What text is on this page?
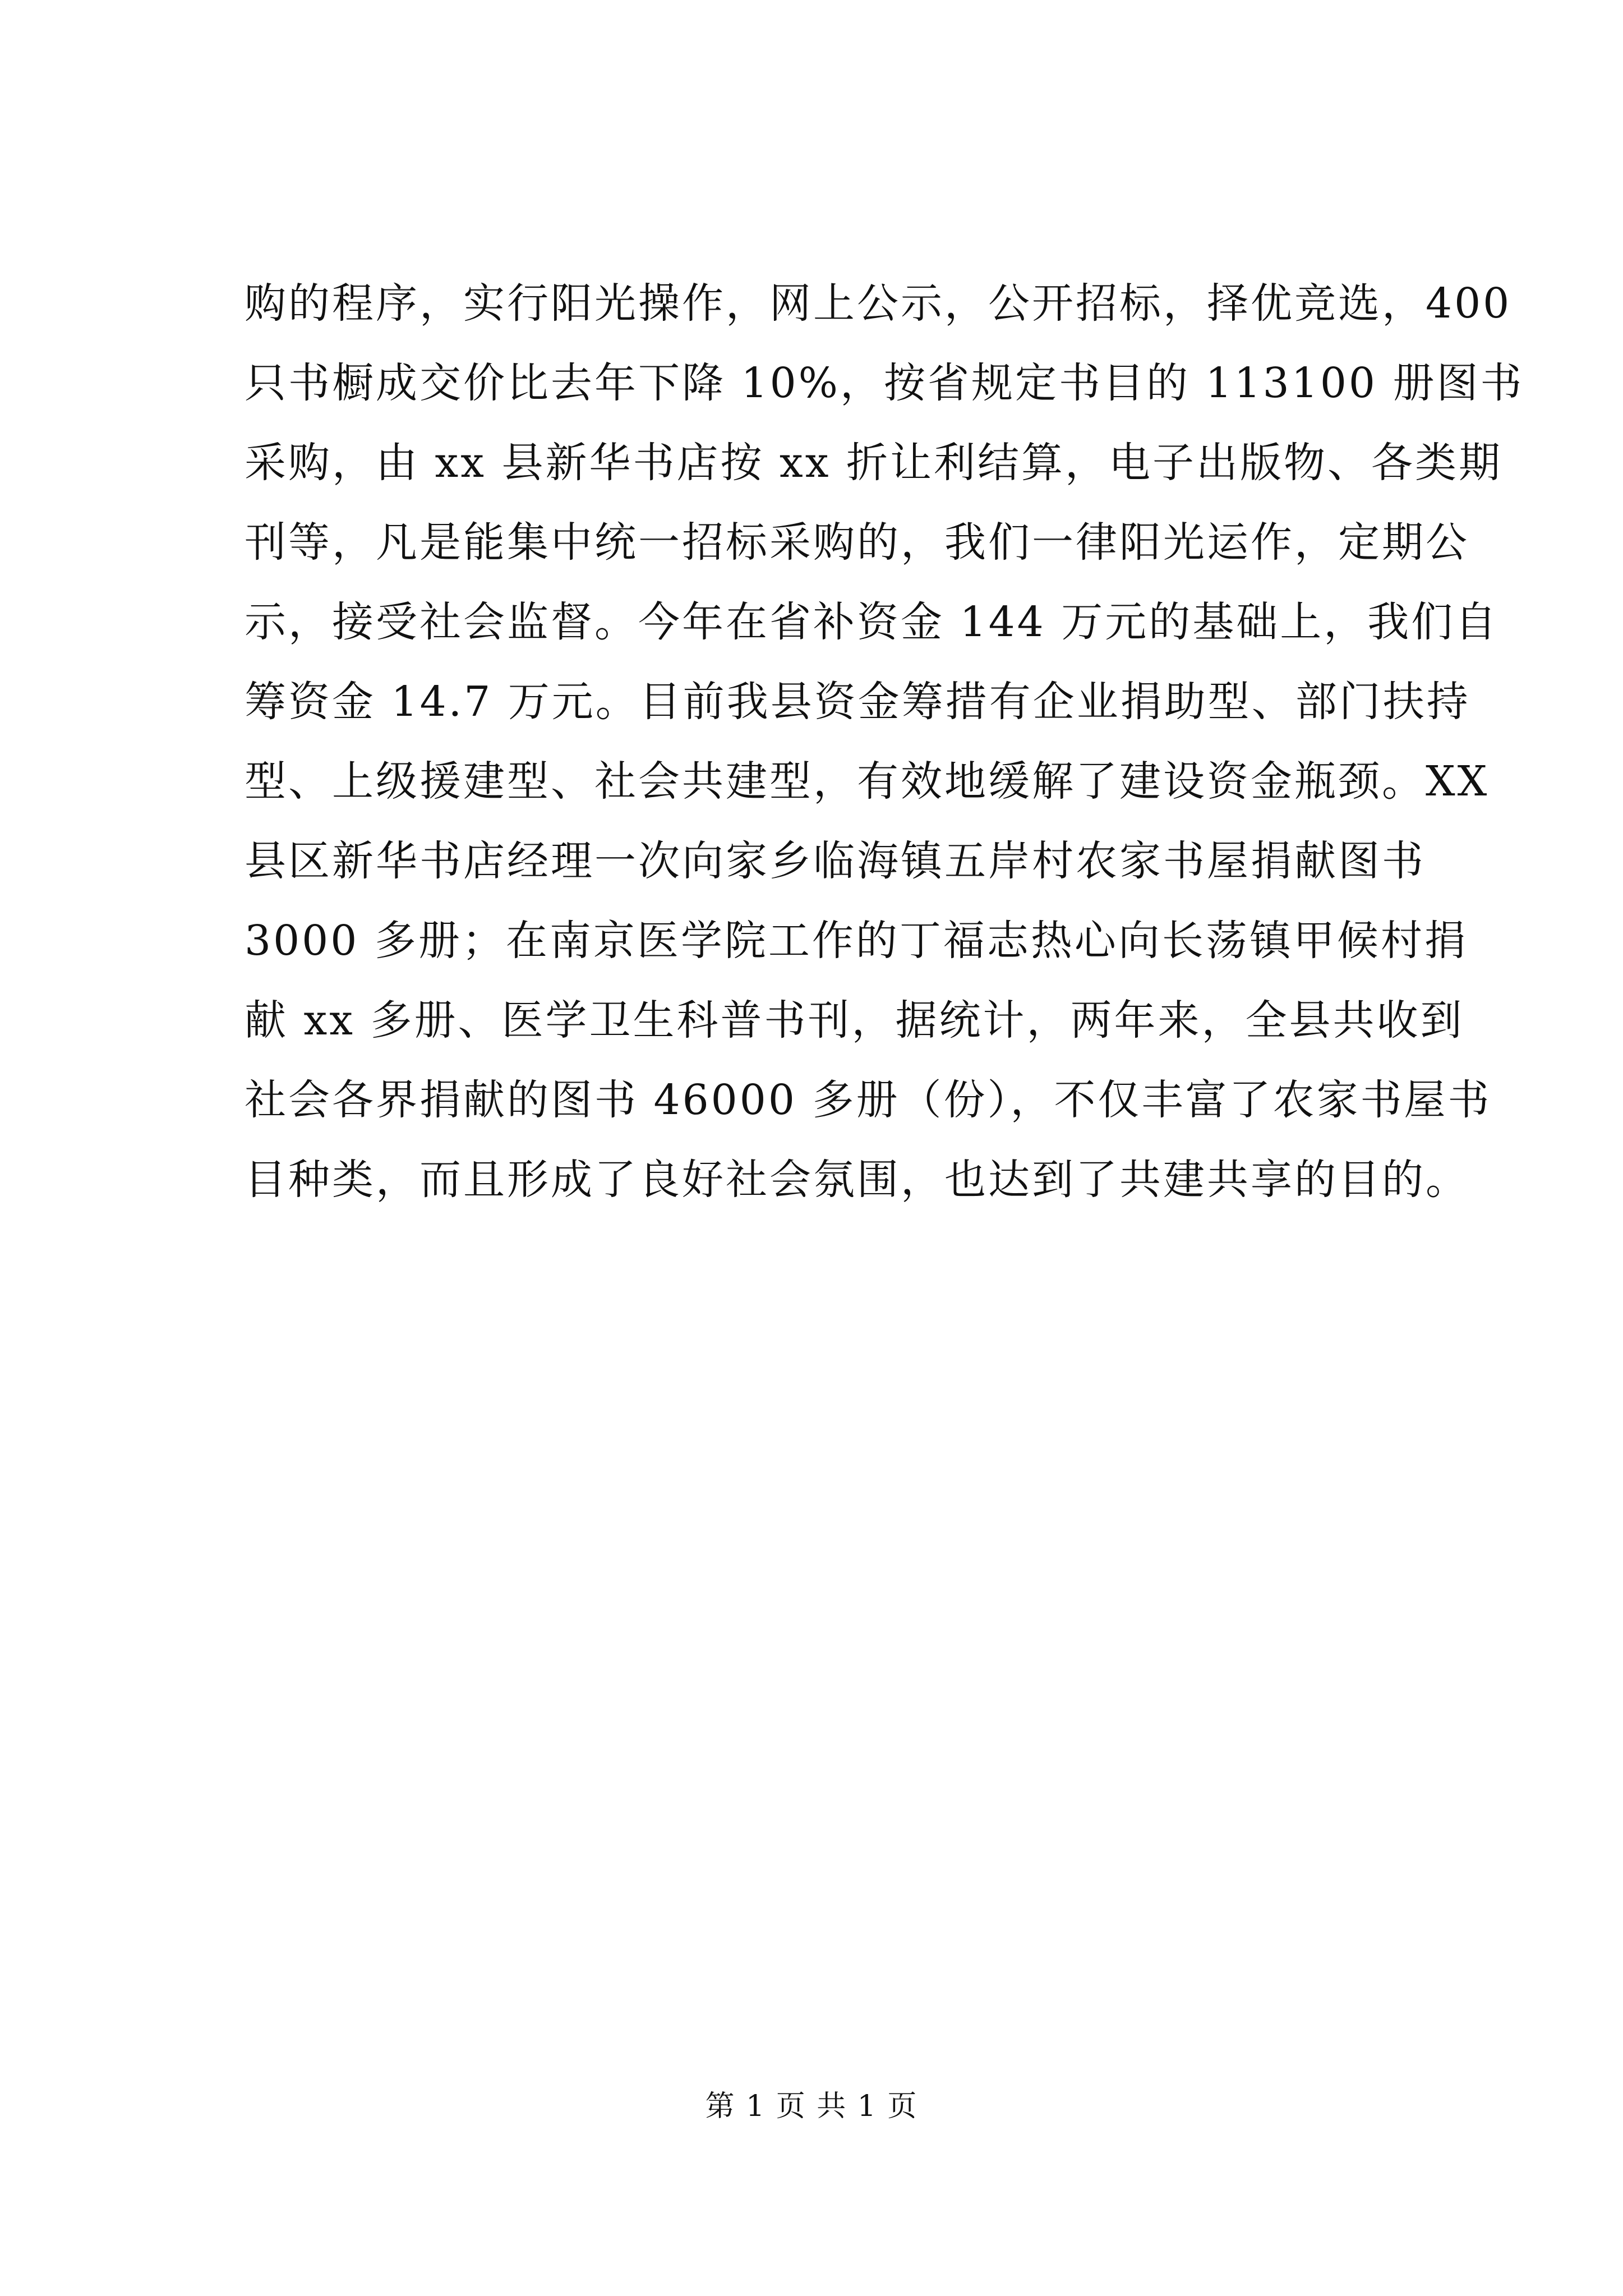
购的程序，实行阳光操作，网上公示，公开招标，择优竞选，400
只书橱成交价比去年下降 10%，按省规定书目的 113100 册图书
采购，由 xx 县新华书店按 xx 折让利结算，电子出版物、各类期
刊等，凡是能集中统一招标采购的，我们一律阳光运作，定期公
示，接受社会监督。今年在省补资金 144 万元的基础上，我们自
筹资金 14.7 万元。目前我县资金筹措有企业捐助型、部门扶持
型、上级援建型、社会共建型，有效地缓解了建设资金瓶颈。XX
县区新华书店经理一次向家乡临海镇五岸村农家书屋捐献图书
3000 多册；在南京医学院工作的丁福志热心向长荡镇甲候村捐
献 xx 多册、医学卫生科普书刊，据统计，两年来，全县共收到
社会各界捐献的图书 46000 多册（份），不仅丰富了农家书屋书
目种类，而且形成了良好社会氛围，也达到了共建共享的目的。
第 1 页 共 1 页
